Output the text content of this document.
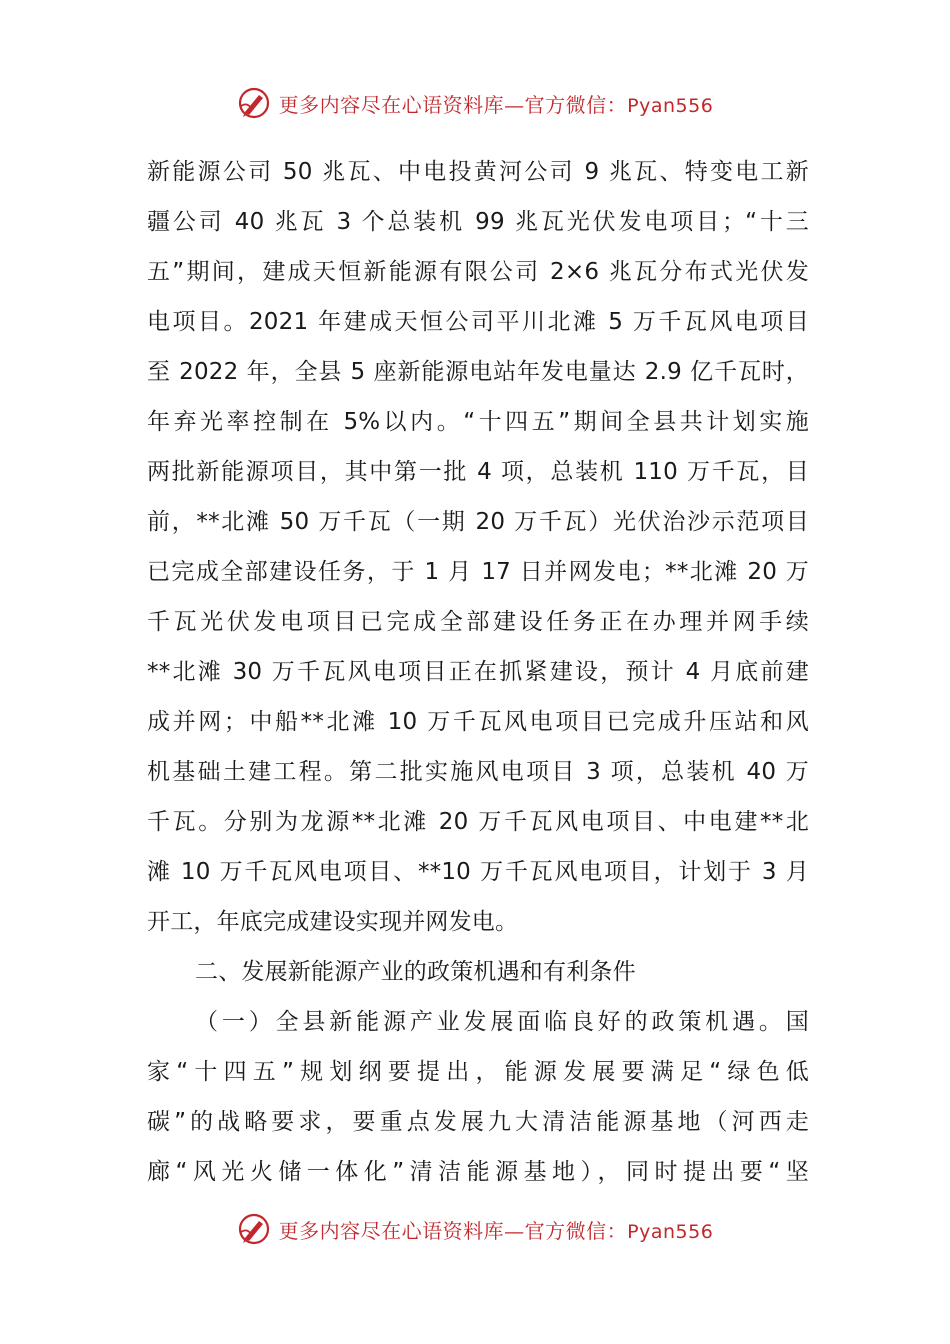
更多内容尽在心语资料库—官方微信：Pyan556
新能源公司 50 兆瓦、中电投黄河公司 9 兆瓦、特变电工新
疆公司 40 兆瓦 3 个总装机 99 兆瓦光伏发电项目；“十三
五”期间，建成天恒新能源有限公司 2×6 兆瓦分布式光伏发
电项目。2021 年建成天恒公司平川北滩 5 万千瓦风电项目
至 2022 年，全县 5 座新能源电站年发电量达 2.9 亿千瓦时，
年弃光率控制在 5%以内。“十四五”期间全县共计划实施
两批新能源项目，其中第一批 4 项，总装机 110 万千瓦，目
前，**北滩 50 万千瓦（一期 20 万千瓦）光伏治沙示范项目
已完成全部建设任务，于 1 月 17 日并网发电；**北滩 20 万
千瓦光伏发电项目已完成全部建设任务正在办理并网手续
**北滩 30 万千瓦风电项目正在抓紧建设，预计 4 月底前建
成并网；中船**北滩 10 万千瓦风电项目已完成升压站和风
机基础土建工程。第二批实施风电项目 3 项，总装机 40 万
千瓦。分别为龙源**北滩 20 万千瓦风电项目、中电建**北
滩 10 万千瓦风电项目、**10 万千瓦风电项目，计划于 3 月
开工，年底完成建设实现并网发电。
二、发展新能源产业的政策机遇和有利条件
（一）全县新能源产业发展面临良好的政策机遇。国
家“十四五”规划纲要提出，能源发展要满足“绿色低
碳”的战略要求，要重点发展九大清洁能源基地（河西走
廊“风光火储一体化”清洁能源基地），同时提出要“坚
更多内容尽在心语资料库—官方微信：Pyan556
